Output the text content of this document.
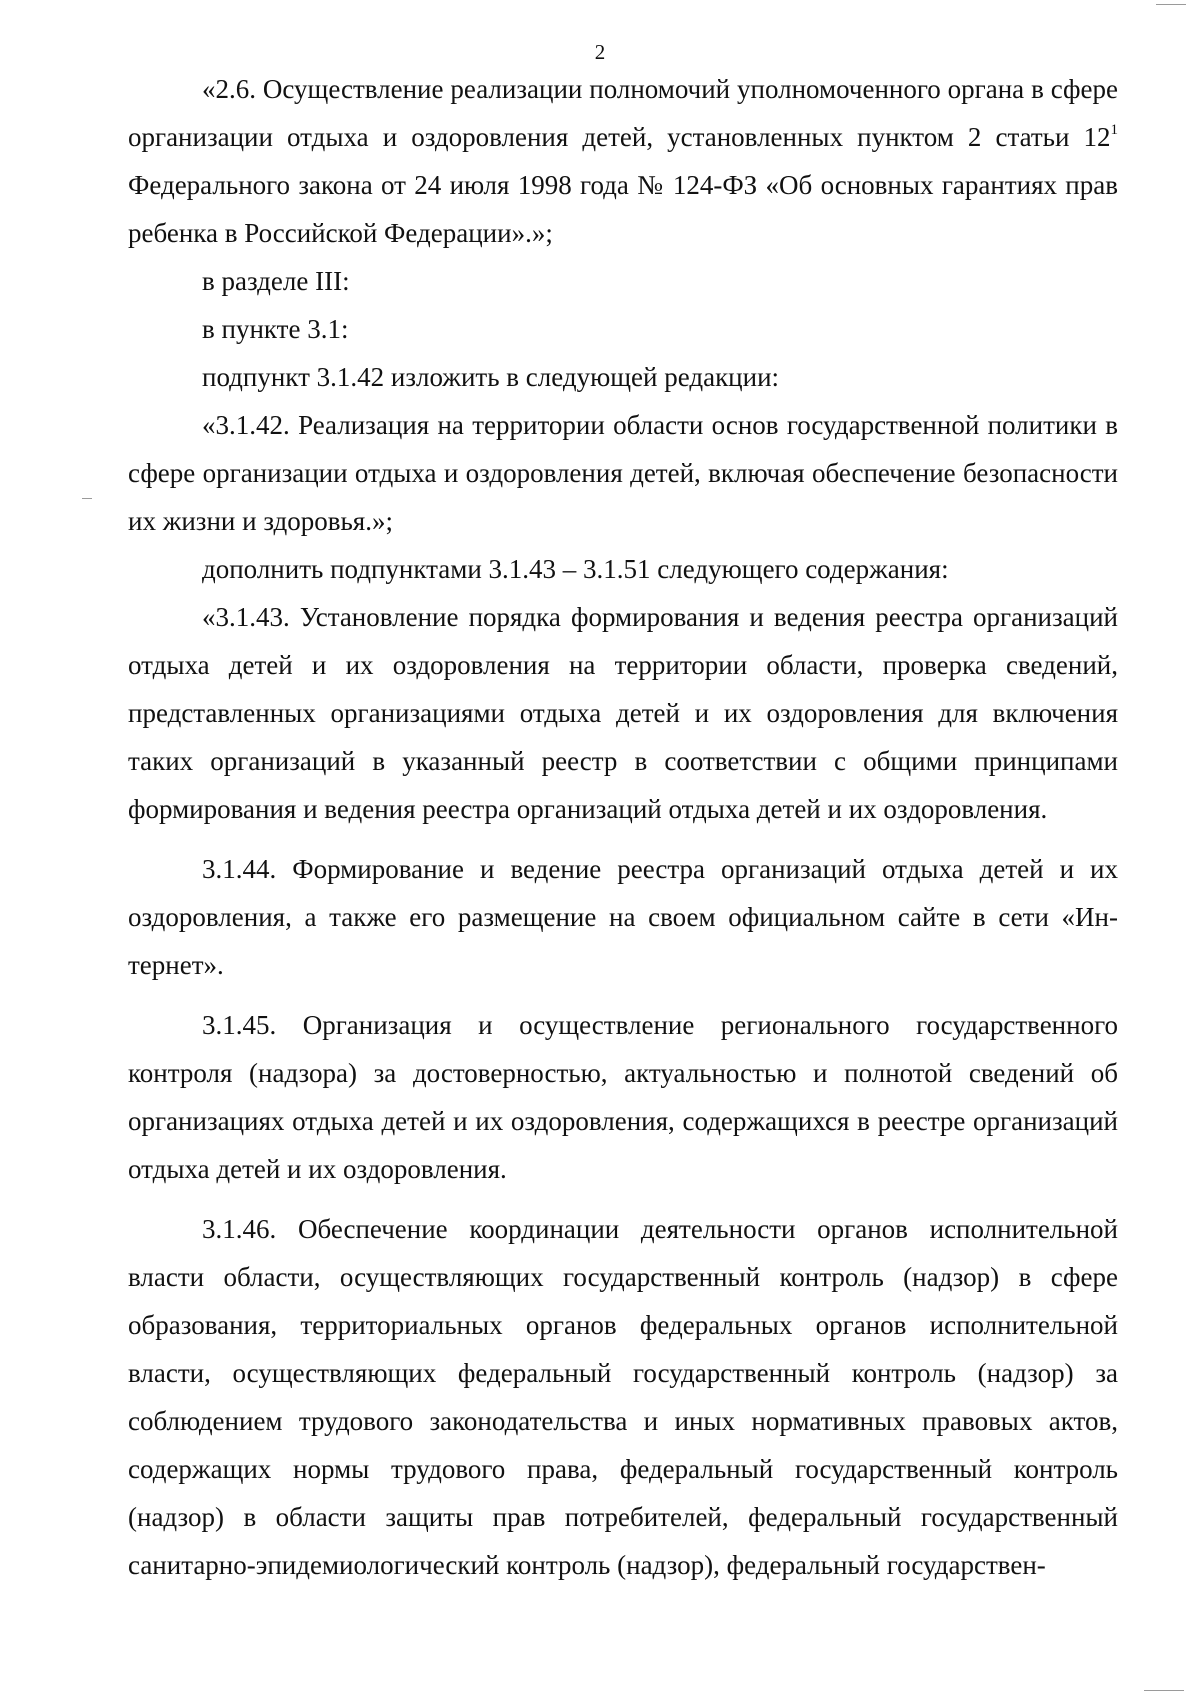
2

«2.6. Осуществление реализации полномочий уполномоченного органа в сфере организации отдыха и оздоровления детей, установленных пунктом 2 статьи $12^1$ Федерального закона от 24 июля 1998 года № 124-ФЗ «Об основных гарантиях прав ребенка в Российской Федерации».»;

в разделе III:

в пункте 3.1:

подпункт 3.1.42 изложить в следующей редакции:

«3.1.42. Реализация на территории области основ государственной политики в сфере организации отдыха и оздоровления детей, включая обеспечение безопасности их жизни и здоровья.»;

дополнить подпунктами 3.1.43 – 3.1.51 следующего содержания:

«3.1.43. Установление порядка формирования и ведения реестра организаций отдыха детей и их оздоровления на территории области, проверка сведений, представленных организациями отдыха детей и их оздоровления для включения таких организаций в указанный реестр в соответствии с общими принципами формирования и ведения реестра организаций отдыха детей и их оздоровления.

3.1.44. Формирование и ведение реестра организаций отдыха детей и их оздоровления, а также его размещение на своем официальном сайте в сети «Интернет».

3.1.45. Организация и осуществление регионального государственного контроля (надзора) за достоверностью, актуальностью и полнотой сведений об организациях отдыха детей и их оздоровления, содержащихся в реестре организаций отдыха детей и их оздоровления.

3.1.46. Обеспечение координации деятельности органов исполнительной власти области, осуществляющих государственный контроль (надзор) в сфере образования, территориальных органов федеральных органов исполнительной власти, осуществляющих федеральный государственный контроль (надзор) за соблюдением трудового законодательства и иных нормативных правовых актов, содержащих нормы трудового права, федеральный государственный контроль (надзор) в области защиты прав потребителей, федеральный государственный санитарно-эпидемиологический контроль (надзор), федеральный государствен-
